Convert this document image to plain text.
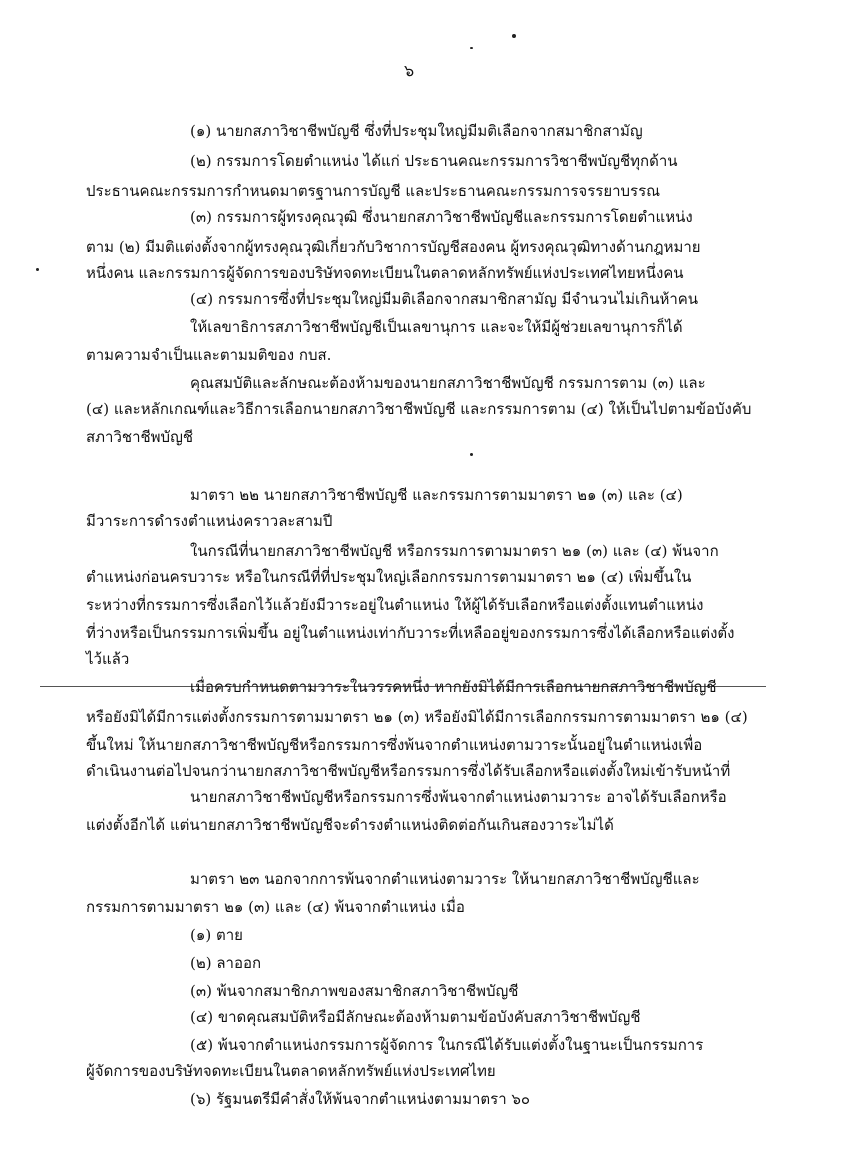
๖
(๑) นายกสภาวิชาชีพบัญชี ซึ่งที่ประชุมใหญ่มีมติเลือกจากสมาชิกสามัญ
(๒) กรรมการโดยตำแหน่ง ได้แก่ ประธานคณะกรรมการวิชาชีพบัญชีทุกด้าน
ประธานคณะกรรมการกำหนดมาตรฐานการบัญชี และประธานคณะกรรมการจรรยาบรรณ
(๓) กรรมการผู้ทรงคุณวุฒิ ซึ่งนายกสภาวิชาชีพบัญชีและกรรมการโดยตำแหน่ง
ตาม (๒) มีมติแต่งตั้งจากผู้ทรงคุณวุฒิเกี่ยวกับวิชาการบัญชีสองคน ผู้ทรงคุณวุฒิทางด้านกฎหมาย
หนึ่งคน และกรรมการผู้จัดการของบริษัทจดทะเบียนในตลาดหลักทรัพย์แห่งประเทศไทยหนึ่งคน
(๔) กรรมการซึ่งที่ประชุมใหญ่มีมติเลือกจากสมาชิกสามัญ มีจำนวนไม่เกินห้าคน
ให้เลขาธิการสภาวิชาชีพบัญชีเป็นเลขานุการ และจะให้มีผู้ช่วยเลขานุการก็ได้
ตามความจำเป็นและตามมติของ กบส.
คุณสมบัติและลักษณะต้องห้ามของนายกสภาวิชาชีพบัญชี กรรมการตาม (๓) และ
(๔) และหลักเกณฑ์และวิธีการเลือกนายกสภาวิชาชีพบัญชี และกรรมการตาม (๔) ให้เป็นไปตามข้อบังคับ
สภาวิชาชีพบัญชี
มาตรา ๒๒ นายกสภาวิชาชีพบัญชี และกรรมการตามมาตรา ๒๑ (๓) และ (๔)
มีวาระการดำรงตำแหน่งคราวละสามปี
ในกรณีที่นายกสภาวิชาชีพบัญชี หรือกรรมการตามมาตรา ๒๑ (๓) และ (๔) พ้นจาก
ตำแหน่งก่อนครบวาระ หรือในกรณีที่ที่ประชุมใหญ่เลือกกรรมการตามมาตรา ๒๑ (๔) เพิ่มขึ้นใน
ระหว่างที่กรรมการซึ่งเลือกไว้แล้วยังมีวาระอยู่ในตำแหน่ง ให้ผู้ได้รับเลือกหรือแต่งตั้งแทนตำแหน่ง
ที่ว่างหรือเป็นกรรมการเพิ่มขึ้น อยู่ในตำแหน่งเท่ากับวาระที่เหลืออยู่ของกรรมการซึ่งได้เลือกหรือแต่งตั้ง
ไว้แล้ว
เมื่อครบกำหนดตามวาระในวรรคหนึ่ง หากยังมิได้มีการเลือกนายกสภาวิชาชีพบัญชี
หรือยังมิได้มีการแต่งตั้งกรรมการตามมาตรา ๒๑ (๓) หรือยังมิได้มีการเลือกกรรมการตามมาตรา ๒๑ (๔)
ขึ้นใหม่ ให้นายกสภาวิชาชีพบัญชีหรือกรรมการซึ่งพ้นจากตำแหน่งตามวาระนั้นอยู่ในตำแหน่งเพื่อ
ดำเนินงานต่อไปจนกว่านายกสภาวิชาชีพบัญชีหรือกรรมการซึ่งได้รับเลือกหรือแต่งตั้งใหม่เข้ารับหน้าที่
นายกสภาวิชาชีพบัญชีหรือกรรมการซึ่งพ้นจากตำแหน่งตามวาระ อาจได้รับเลือกหรือ
แต่งตั้งอีกได้ แต่นายกสภาวิชาชีพบัญชีจะดำรงตำแหน่งติดต่อกันเกินสองวาระไม่ได้
มาตรา ๒๓ นอกจากการพ้นจากตำแหน่งตามวาระ ให้นายกสภาวิชาชีพบัญชีและ
กรรมการตามมาตรา ๒๑ (๓) และ (๔) พ้นจากตำแหน่ง เมื่อ
(๑) ตาย
(๒) ลาออก
(๓) พ้นจากสมาชิกภาพของสมาชิกสภาวิชาชีพบัญชี
(๔) ขาดคุณสมบัติหรือมีลักษณะต้องห้ามตามข้อบังคับสภาวิชาชีพบัญชี
(๕) พ้นจากตำแหน่งกรรมการผู้จัดการ ในกรณีได้รับแต่งตั้งในฐานะเป็นกรรมการ
ผู้จัดการของบริษัทจดทะเบียนในตลาดหลักทรัพย์แห่งประเทศไทย
(๖) รัฐมนตรีมีคำสั่งให้พ้นจากตำแหน่งตามมาตรา ๖๐
